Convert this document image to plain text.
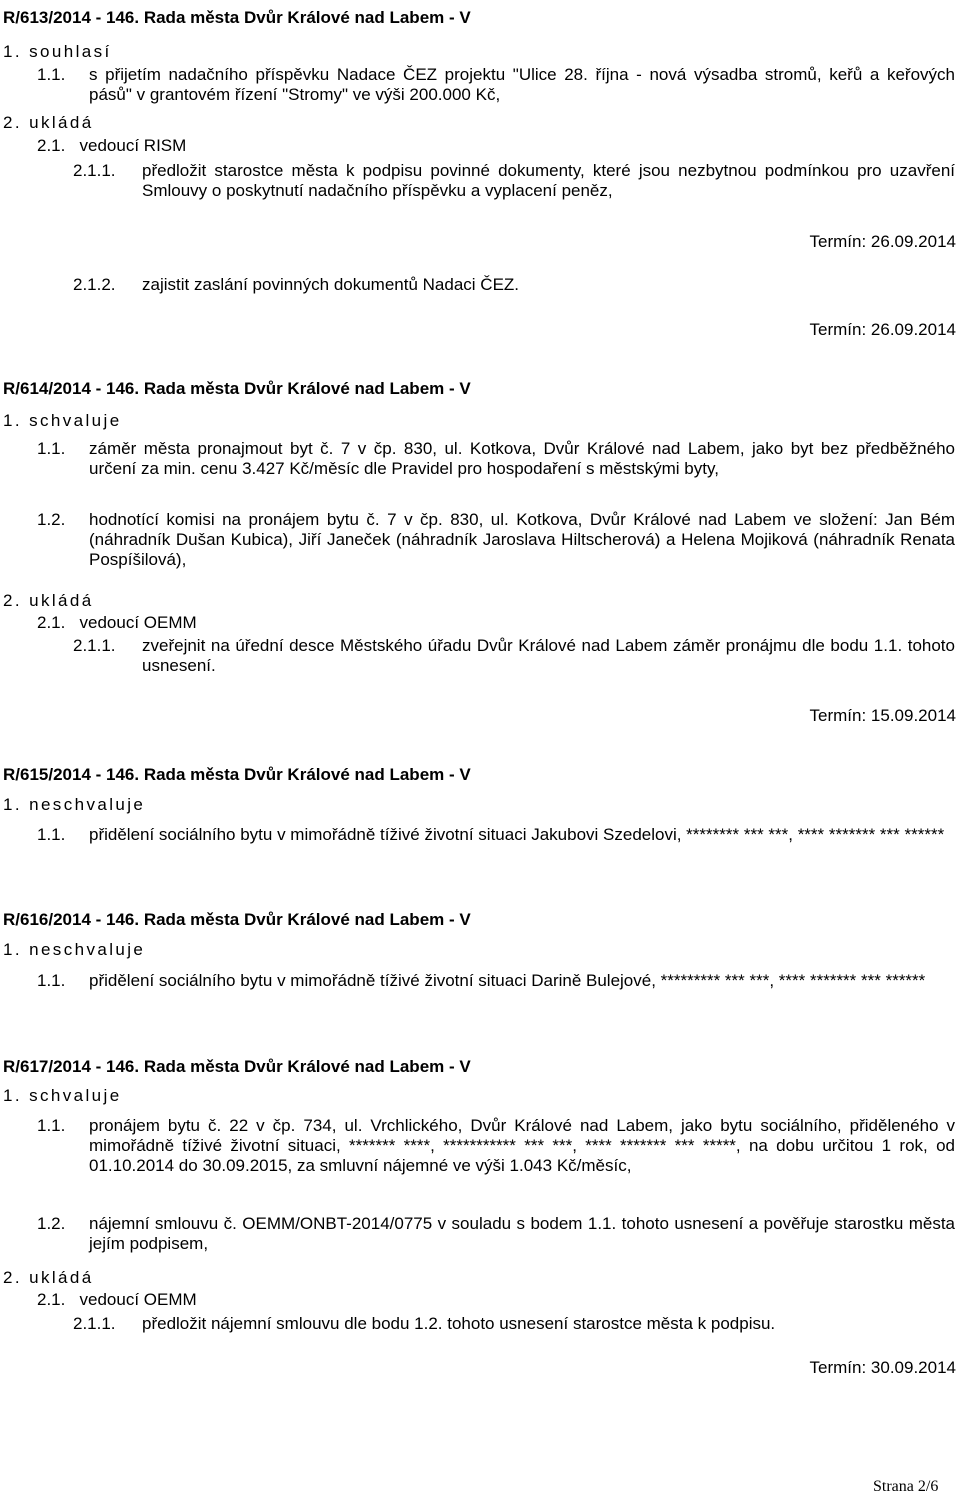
R/613/2014 - 146. Rada města Dvůr Králové nad Labem - V
1. souhlasí
1.1. s přijetím nadačního příspěvku Nadace ČEZ projektu "Ulice 28. října - nová výsadba stromů, keřů a keřových pásů" v grantovém řízení "Stromy" ve výši 200.000 Kč,
2. ukládá
2.1.   vedoucí RISM
2.1.1. předložit starostce města k podpisu povinné dokumenty, které jsou nezbytnou podmínkou pro uzavření Smlouvy o poskytnutí nadačního příspěvku a vyplacení peněz,
Termín: 26.09.2014
2.1.2. zajistit zaslání povinných dokumentů Nadaci ČEZ.
Termín: 26.09.2014
R/614/2014 - 146. Rada města Dvůr Králové nad Labem - V
1. schvaluje
1.1. záměr města pronajmout byt č. 7 v čp. 830, ul. Kotkova, Dvůr Králové nad Labem, jako byt bez předběžného určení za min. cenu 3.427 Kč/měsíc dle Pravidel pro hospodaření s městskými byty,
1.2. hodnotící komisi na pronájem bytu č. 7 v čp. 830, ul. Kotkova, Dvůr Králové nad Labem ve složení: Jan Bém (náhradník Dušan Kubica), Jiří Janeček (náhradník Jaroslava Hiltscherová) a Helena Mojiková (náhradník Renata Pospíšilová),
2. ukládá
2.1.   vedoucí OEMM
2.1.1. zveřejnit na úřední desce Městského úřadu Dvůr Králové nad Labem záměr pronájmu dle bodu 1.1. tohoto usnesení.
Termín: 15.09.2014
R/615/2014 - 146. Rada města Dvůr Králové nad Labem - V
1. neschvaluje
1.1. přidělení sociálního bytu v mimořádně tíživé životní situaci Jakubovi Szedelovi, ******** *** ***, **** ******* *** ******
R/616/2014 - 146. Rada města Dvůr Králové nad Labem - V
1. neschvaluje
1.1. přidělení sociálního bytu v mimořádně tíživé životní situaci Darině Bulejové, ********* *** ***, **** ******* *** ******
R/617/2014 - 146. Rada města Dvůr Králové nad Labem - V
1. schvaluje
1.1. pronájem bytu č. 22 v čp. 734, ul. Vrchlického, Dvůr Králové nad Labem, jako bytu sociálního, přiděleného v mimořádně tíživé životní situaci, ******* ****, *********** *** ***, **** ******* *** *****, na dobu určitou 1 rok, od 01.10.2014 do 30.09.2015, za smluvní nájemné ve výši 1.043 Kč/měsíc,
1.2. nájemní smlouvu č. OEMM/ONBT-2014/0775 v souladu s bodem 1.1. tohoto usnesení a pověřuje starostku města jejím podpisem,
2. ukládá
2.1.   vedoucí OEMM
2.1.1. předložit nájemní smlouvu dle bodu 1.2. tohoto usnesení starostce města k podpisu.
Termín: 30.09.2014
Strana 2/6
